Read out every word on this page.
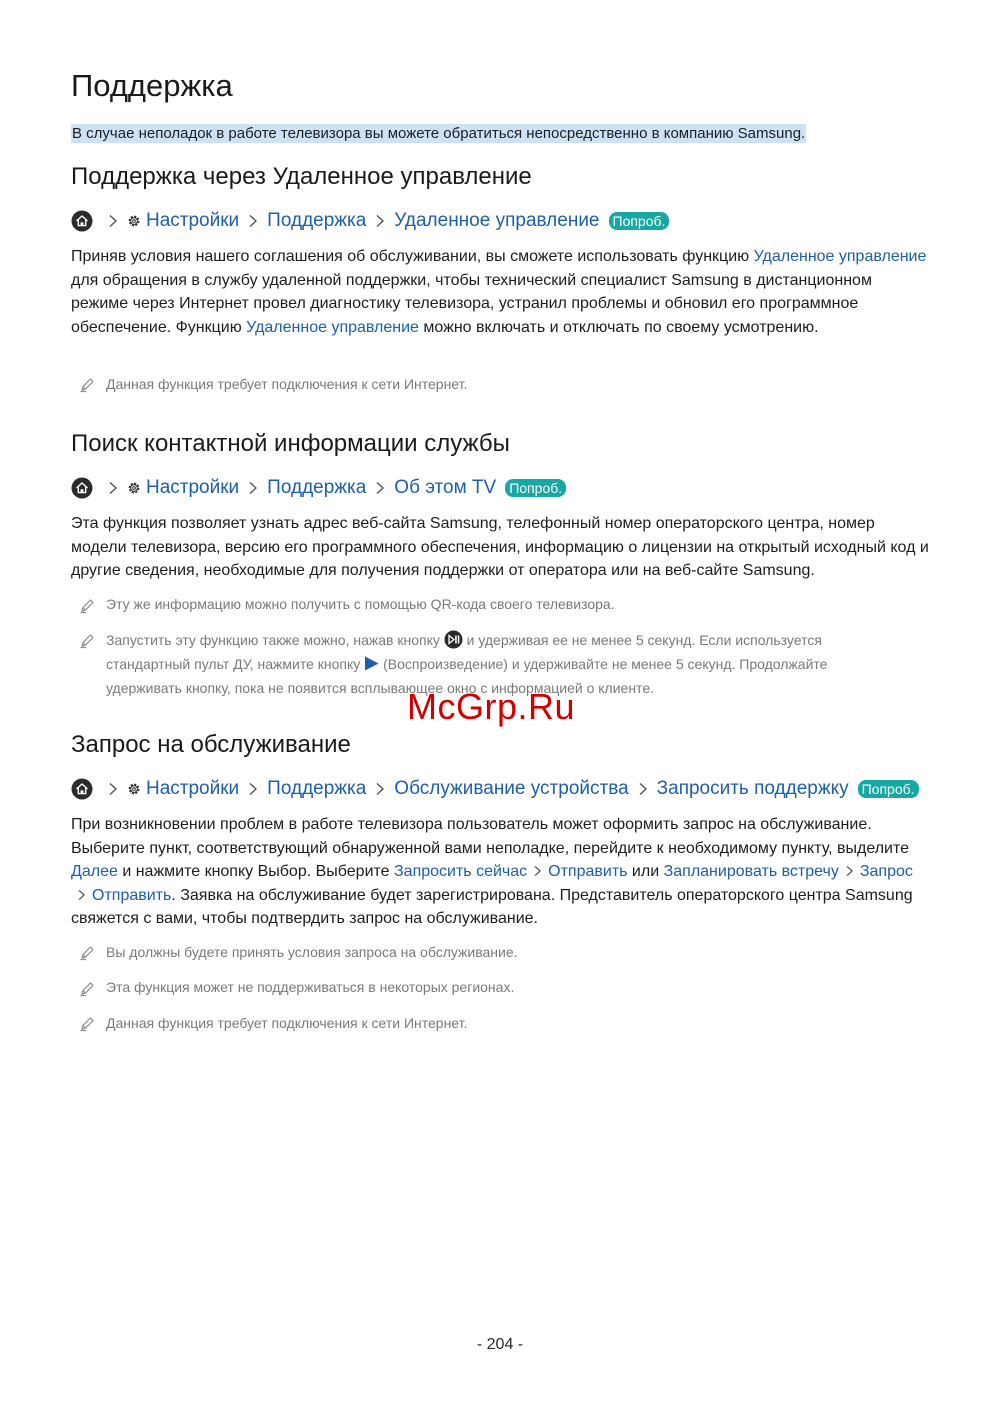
Поддержка
В случае неполадок в работе телевизора вы можете обратиться непосредственно в компанию Samsung.
Поддержка через Удаленное управление
Настройки Поддержка Удаленное управление Попроб.

Приняв условия нашего соглашения об обслуживании, вы сможете использовать функцию Удаленное управление для обращения в службу удаленной поддержки, чтобы технический специалист Samsung в дистанционном режиме через Интернет провел диагностику телевизора, устранил проблемы и обновил его программное обеспечение. Функцию Удаленное управление можно включать и отключать по своему усмотрению.

Данная функция требует подключения к сети Интернет.

Поиск контактной информации службы
Настройки Поддержка Об этом TV Попроб.

Эта функция позволяет узнать адрес веб-сайта Samsung, телефонный номер операторского центра, номер модели телевизора, версию его программного обеспечения, информацию о лицензии на открытый исходный код и другие сведения, необходимые для получения поддержки от оператора или на веб-сайте Samsung.

Эту же информацию можно получить с помощью QR-кода своего телевизора.

Запустить эту функцию также можно, нажав кнопку  и удерживая ее не менее 5 секунд. Если используется стандартный пульт ДУ, нажмите кнопку  (Воспроизведение) и удерживайте не менее 5 секунд. Продолжайте удерживать кнопку, пока не появится всплывающее окно с информацией о клиенте.

McGrp.Ru
Запрос на обслуживание
Настройки Поддержка Обслуживание устройства Запросить поддержку Попроб.

При возникновении проблем в работе телевизора пользователь может оформить запрос на обслуживание. Выберите пункт, соответствующий обнаруженной вами неполадке, перейдите к необходимому пункту, выделите Далее и нажмите кнопку Выбор. Выберите Запросить сейчас Отправить или Запланировать встречу ЗапросОтправить. Заявка на обслуживание будет зарегистрирована. Представитель операторского центра Samsung свяжется с вами, чтобы подтвердить запрос на обслуживание.

Вы должны будете принять условия запроса на обслуживание.

Эта функция может не поддерживаться в некоторых регионах.

Данная функция требует подключения к сети Интернет.

- 204 -
